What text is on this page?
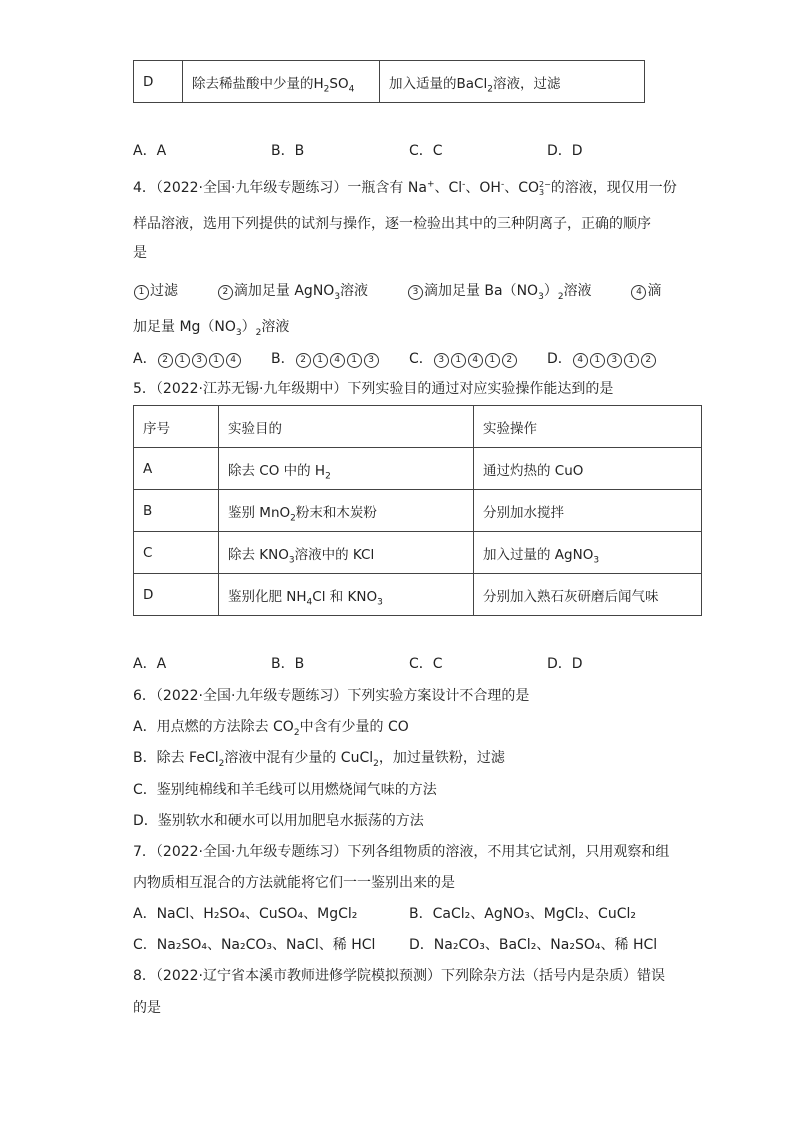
D	除去稀盐酸中少量的$H_2SO_4$	加入适量的BaCl$_2$溶液，过滤
A．A	B．B	C．C	D．D
4．（2022·全国·九年级专题练习）一瓶含有 Na+、Cl-、OH-、CO 2−
3 的溶液，现仅用一份
样品溶液，选用下列提供的试剂与操作，逐一检验出其中的三种阴离子，正确的顺序
是
1 过滤	2 滴加足量 AgNO$_3$溶液	3 滴加足量 $Ba(NO_3)_2$溶液	4 滴
加足量 $Mg(NO_3)_2$溶液
A． 2 1 3 1 4	B． 2 1 4 1 3	C． 3 1 4 1 2	D． 4 1 3 1 2
5．（2022·江苏无锡·九年级期中）下列实验目的通过对应实验操作能达到的是
序号	实验目的	实验操作
A	除去 CO 中的 $H_2$	通过灼热的 CuO
B	鉴别 MnO$_2$粉末和木炭粉	分别加水搅拌
C	除去 $KNO_3$溶液中的 KCl	加入过量的 AgNO$_3$
D	鉴别化肥 $NH_4Cl$ 和 $KNO_3$	分别加入熟石灰研磨后闻气味
A．A	B．B	C．C	D．D
6．（2022·全国·九年级专题练习）下列实验方案设计不合理的是
A．用点燃的方法除去 $CO_2$中含有少量的 CO
B．除去 FeCl$_2$溶液中混有少量的 CuCl$_2$，加过量铁粉，过滤
C．鉴别纯棉线和羊毛线可以用燃烧闻气味的方法
D．鉴别软水和硬水可以用加肥皂水振荡的方法
7．（2022·全国·九年级专题练习）下列各组物质的溶液，不用其它试剂，只用观察和组
内物质相互混合的方法就能将它们一一鉴别出来的是
A．NaCl、H₂SO₄、CuSO₄、MgCl₂	B．CaCl₂、AgNO₃、MgCl₂、CuCl₂
C．Na₂SO₄、Na₂CO₃、NaCl、稀 HCl D．Na₂CO₃、BaCl₂、Na₂SO₄、稀 HCl
8．（2022·辽宁省本溪市教师进修学院模拟预测）下列除杂方法（括号内是杂质）错误
的是
